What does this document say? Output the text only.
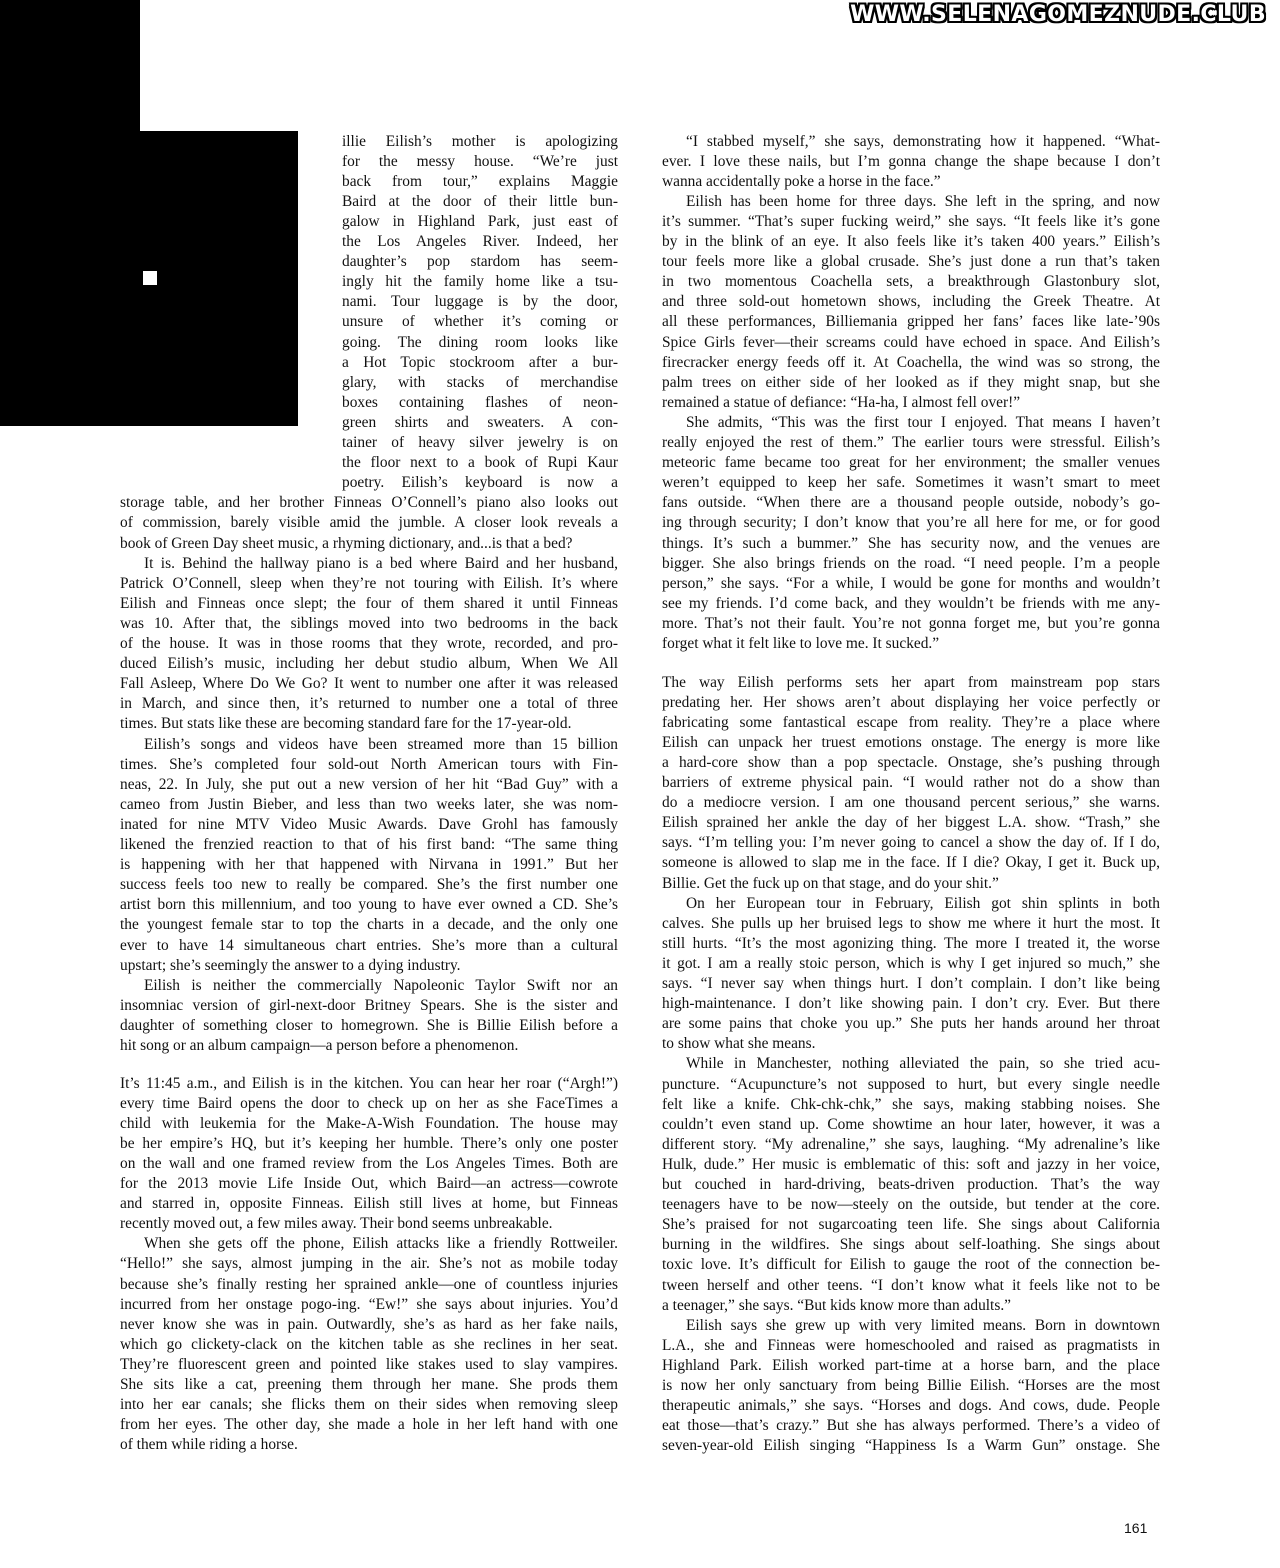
WWW.SELENAGOMEZNUDE.CLUB

illie Eilish’s mother is apologizing

for the messy house. “We’re just

back from tour,” explains Maggie

Baird at the door of their little bun-

galow in Highland Park, just east of

the Los Angeles River. Indeed, her

daughter’s pop stardom has seem-

ingly hit the family home like a tsu-

nami. Tour luggage is by the door,

unsure of whether it’s coming or

going. The dining room looks like

a Hot Topic stockroom after a bur-

glary, with stacks of merchandise

boxes containing flashes of neon-

green shirts and sweaters. A con-

tainer of heavy silver jewelry is on

the floor next to a book of Rupi Kaur

poetry. Eilish’s keyboard is now a

storage table, and her brother Finneas O’Connell’s piano also looks out

of commission, barely visible amid the jumble. A closer look reveals a

book of Green Day sheet music, a rhyming dictionary, and...is that a bed?

It is. Behind the hallway piano is a bed where Baird and her husband,

Patrick O’Connell, sleep when they’re not touring with Eilish. It’s where

Eilish and Finneas once slept; the four of them shared it until Finneas

was 10. After that, the siblings moved into two bedrooms in the back

of the house. It was in those rooms that they wrote, recorded, and pro-

duced Eilish’s music, including her debut studio album, When We All

Fall Asleep, Where Do We Go? It went to number one after it was released

in March, and since then, it’s returned to number one a total of three

times. But stats like these are becoming standard fare for the 17-year-old.

Eilish’s songs and videos have been streamed more than 15 billion

times. She’s completed four sold-out North American tours with Fin-

neas, 22. In July, she put out a new version of her hit “Bad Guy” with a

cameo from Justin Bieber, and less than two weeks later, she was nom-

inated for nine MTV Video Music Awards. Dave Grohl has famously

likened the frenzied reaction to that of his first band: “The same thing

is happening with her that happened with Nirvana in 1991.” But her

success feels too new to really be compared. She’s the first number one

artist born this millennium, and too young to have ever owned a CD. She’s

the youngest female star to top the charts in a decade, and the only one

ever to have 14 simultaneous chart entries. She’s more than a cultural

upstart; she’s seemingly the answer to a dying industry.

Eilish is neither the commercially Napoleonic Taylor Swift nor an

insomniac version of girl-next-door Britney Spears. She is the sister and

daughter of something closer to homegrown. She is Billie Eilish before a

hit song or an album campaign—a person before a phenomenon.

It’s 11:45 a.m., and Eilish is in the kitchen. You can hear her roar (“Argh!”)

every time Baird opens the door to check up on her as she FaceTimes a

child with leukemia for the Make-A-Wish Foundation. The house may

be her empire’s HQ, but it’s keeping her humble. There’s only one poster

on the wall and one framed review from the Los Angeles Times. Both are

for the 2013 movie Life Inside Out, which Baird—an actress—cowrote

and starred in, opposite Finneas. Eilish still lives at home, but Finneas

recently moved out, a few miles away. Their bond seems unbreakable.

When she gets off the phone, Eilish attacks like a friendly Rottweiler.

“Hello!” she says, almost jumping in the air. She’s not as mobile today

because she’s finally resting her sprained ankle—one of countless injuries

incurred from her onstage pogo-ing. “Ew!” she says about injuries. You’d

never know she was in pain. Outwardly, she’s as hard as her fake nails,

which go clickety-clack on the kitchen table as she reclines in her seat.

They’re fluorescent green and pointed like stakes used to slay vampires.

She sits like a cat, preening them through her mane. She prods them

into her ear canals; she flicks them on their sides when removing sleep

from her eyes. The other day, she made a hole in her left hand with one

of them while riding a horse.

“I stabbed myself,” she says, demonstrating how it happened. “What-

ever. I love these nails, but I’m gonna change the shape because I don’t

wanna accidentally poke a horse in the face.”

Eilish has been home for three days. She left in the spring, and now

it’s summer. “That’s super fucking weird,” she says. “It feels like it’s gone

by in the blink of an eye. It also feels like it’s taken 400 years.” Eilish’s

tour feels more like a global crusade. She’s just done a run that’s taken

in two momentous Coachella sets, a breakthrough Glastonbury slot,

and three sold-out hometown shows, including the Greek Theatre. At

all these performances, Billiemania gripped her fans’ faces like late-’90s

Spice Girls fever—their screams could have echoed in space. And Eilish’s

firecracker energy feeds off it. At Coachella, the wind was so strong, the

palm trees on either side of her looked as if they might snap, but she

remained a statue of defiance: “Ha-ha, I almost fell over!”

She admits, “This was the first tour I enjoyed. That means I haven’t

really enjoyed the rest of them.” The earlier tours were stressful. Eilish’s

meteoric fame became too great for her environment; the smaller venues

weren’t equipped to keep her safe. Sometimes it wasn’t smart to meet

fans outside. “When there are a thousand people outside, nobody’s go-

ing through security; I don’t know that you’re all here for me, or for good

things. It’s such a bummer.” She has security now, and the venues are

bigger. She also brings friends on the road. “I need people. I’m a people

person,” she says. “For a while, I would be gone for months and wouldn’t

see my friends. I’d come back, and they wouldn’t be friends with me any-

more. That’s not their fault. You’re not gonna forget me, but you’re gonna

forget what it felt like to love me. It sucked.”

The way Eilish performs sets her apart from mainstream pop stars

predating her. Her shows aren’t about displaying her voice perfectly or

fabricating some fantastical escape from reality. They’re a place where

Eilish can unpack her truest emotions onstage. The energy is more like

a hard-core show than a pop spectacle. Onstage, she’s pushing through

barriers of extreme physical pain. “I would rather not do a show than

do a mediocre version. I am one thousand percent serious,” she warns.

Eilish sprained her ankle the day of her biggest L.A. show. “Trash,” she

says. “I’m telling you: I’m never going to cancel a show the day of. If I do,

someone is allowed to slap me in the face. If I die? Okay, I get it. Buck up,

Billie. Get the fuck up on that stage, and do your shit.”

On her European tour in February, Eilish got shin splints in both

calves. She pulls up her bruised legs to show me where it hurt the most. It

still hurts. “It’s the most agonizing thing. The more I treated it, the worse

it got. I am a really stoic person, which is why I get injured so much,” she

says. “I never say when things hurt. I don’t complain. I don’t like being

high-maintenance. I don’t like showing pain. I don’t cry. Ever. But there

are some pains that choke you up.” She puts her hands around her throat

to show what she means.

While in Manchester, nothing alleviated the pain, so she tried acu-

puncture. “Acupuncture’s not supposed to hurt, but every single needle

felt like a knife. Chk-chk-chk,” she says, making stabbing noises. She

couldn’t even stand up. Come showtime an hour later, however, it was a

different story. “My adrenaline,” she says, laughing. “My adrenaline’s like

Hulk, dude.” Her music is emblematic of this: soft and jazzy in her voice,

but couched in hard-driving, beats-driven production. That’s the way

teenagers have to be now—steely on the outside, but tender at the core.

She’s praised for not sugarcoating teen life. She sings about California

burning in the wildfires. She sings about self-loathing. She sings about

toxic love. It’s difficult for Eilish to gauge the root of the connection be-

tween herself and other teens. “I don’t know what it feels like not to be

a teenager,” she says. “But kids know more than adults.”

Eilish says she grew up with very limited means. Born in downtown

L.A., she and Finneas were homeschooled and raised as pragmatists in

Highland Park. Eilish worked part-time at a horse barn, and the place

is now her only sanctuary from being Billie Eilish. “Horses are the most

therapeutic animals,” she says. “Horses and dogs. And cows, dude. People

eat those—that’s crazy.” But she has always performed. There’s a video of

seven-year-old Eilish singing “Happiness Is a Warm Gun” onstage. She

161
